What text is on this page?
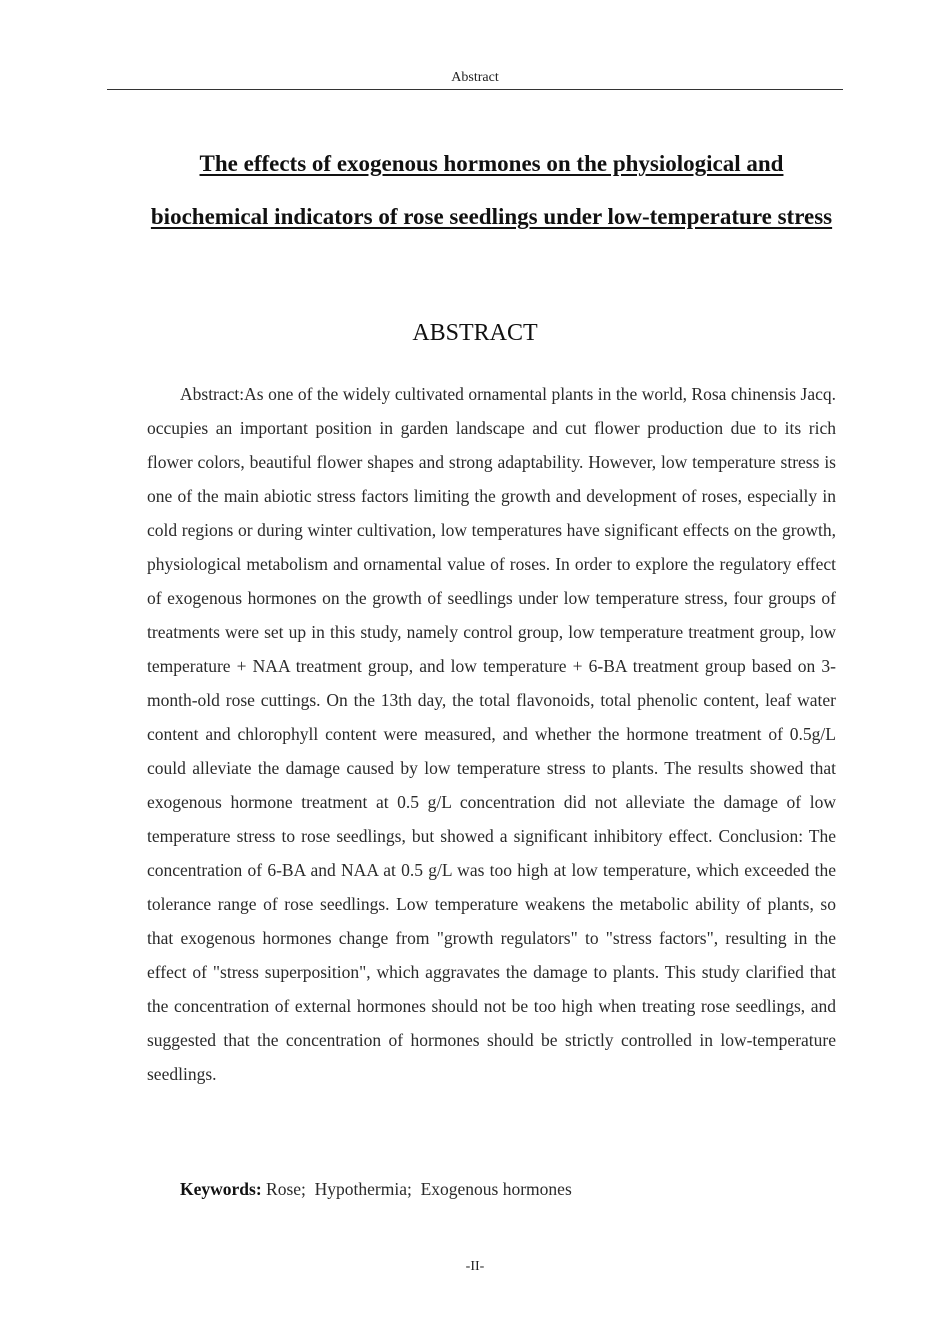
Abstract
The effects of exogenous hormones on the physiological and biochemical indicators of rose seedlings under low-temperature stress
ABSTRACT

Abstract:As one of the widely cultivated ornamental plants in the world, Rosa chinensis Jacq. occupies an important position in garden landscape and cut flower production due to its rich flower colors, beautiful flower shapes and strong adaptability. However, low temperature stress is one of the main abiotic stress factors limiting the growth and development of roses, especially in cold regions or during winter cultivation, low temperatures have significant effects on the growth, physiological metabolism and ornamental value of roses. In order to explore the regulatory effect of exogenous hormones on the growth of seedlings under low temperature stress, four groups of treatments were set up in this study, namely control group, low temperature treatment group, low temperature + NAA treatment group, and low temperature + 6-BA treatment group based on 3-month-old rose cuttings. On the 13th day, the total flavonoids, total phenolic content, leaf water content and chlorophyll content were measured, and whether the hormone treatment of 0.5g/L could alleviate the damage caused by low temperature stress to plants. The results showed that exogenous hormone treatment at 0.5 g/L concentration did not alleviate the damage of low temperature stress to rose seedlings, but showed a significant inhibitory effect. Conclusion: The concentration of 6-BA and NAA at 0.5 g/L was too high at low temperature, which exceeded the tolerance range of rose seedlings. Low temperature weakens the metabolic ability of plants, so that exogenous hormones change from "growth regulators" to "stress factors", resulting in the effect of "stress superposition", which aggravates the damage to plants. This study clarified that the concentration of external hormones should not be too high when treating rose seedlings, and suggested that the concentration of hormones should be strictly controlled in low-temperature seedlings.

Keywords: Rose;  Hypothermia;  Exogenous hormones

-II-
